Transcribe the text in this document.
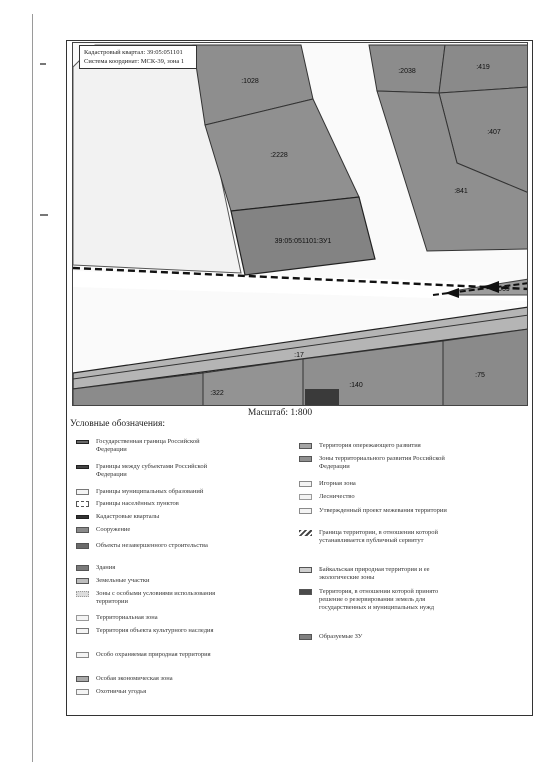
:1028
:2228
39:05:051101:ЗУ1
:2038
:419
:407
:841
:3069
:17
:322
:140
:75
Кадастровый квартал: 39:05:051101
Система координат: МСК-39, зона 1
Масштаб: 1:800
Условные обозначения:
Государственная граница Российской Федерации
Границы между субъектами Российской Федерации
Границы муниципальных образований
Границы населённых пунктов
Кадастровые кварталы
Сооружение
Объекты незавершенного строительства
Здания
Земельные участки
Зоны с особыми условиями использования территории
Территориальная зона
Территория объекта культурного наследия
Особо охраняемая природная территория
Особая экономическая зона
Охотничьи угодья
Территория опережающего развития
Зоны территориального развития Российской Федерации
Игорная зона
Лесничество
Утвержденный проект межевания территории
Граница территории, в отношении которой устанавливается публичный сервитут
Байкальская природная территория и ее экологические зоны
Территория, в отношении которой принято решение о резервировании земель для государственных и муниципальных нужд
Образуемые ЗУ
